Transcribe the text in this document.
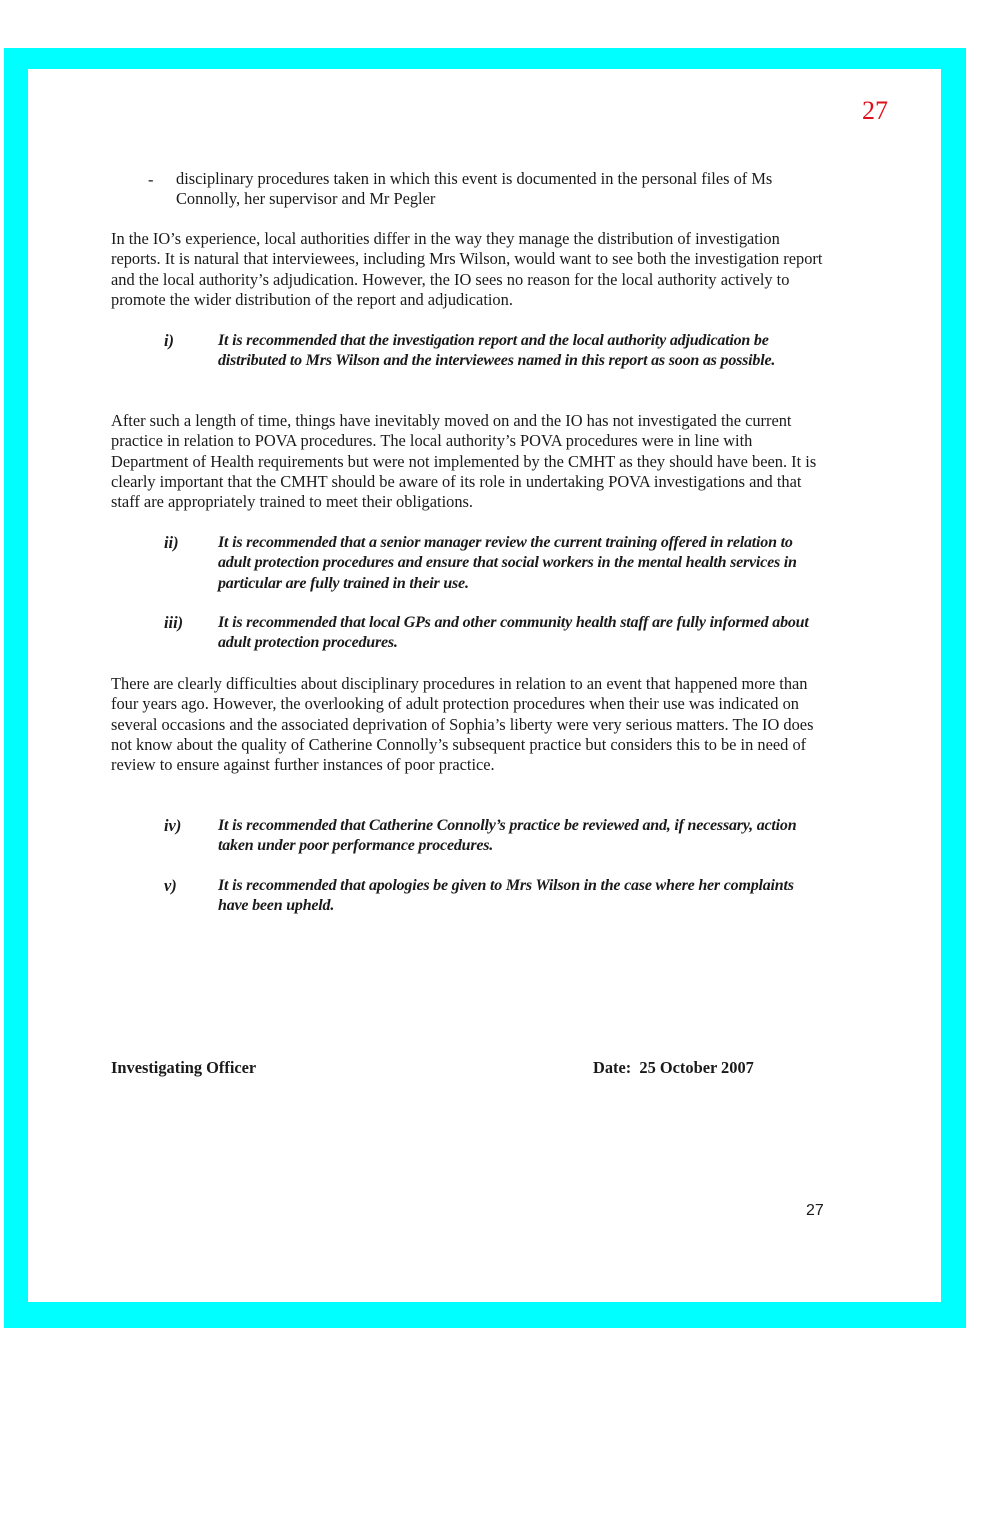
27
- disciplinary procedures taken in which this event is documented in the personal files of Ms Connolly, her supervisor and Mr Pegler
In the IO’s experience, local authorities differ in the way they manage the distribution of investigation reports. It is natural that interviewees, including Mrs Wilson, would want to see both the investigation report and the local authority’s adjudication. However, the IO sees no reason for the local authority actively to promote the wider distribution of the report and adjudication.
i)	It is recommended that the investigation report and the local authority adjudication be distributed to Mrs Wilson and the interviewees named in this report as soon as possible.
After such a length of time, things have inevitably moved on and the IO has not investigated the current practice in relation to POVA procedures. The local authority’s POVA procedures were in line with Department of Health requirements but were not implemented by the CMHT as they should have been. It is clearly important that the CMHT should be aware of its role in undertaking POVA investigations and that staff are appropriately trained to meet their obligations.
ii) It is recommended that a senior manager review the current training offered in relation to adult protection procedures and ensure that social workers in the mental health services in particular are fully trained in their use.
iii) It is recommended that local GPs and other community health staff are fully informed about adult protection procedures.
There are clearly difficulties about disciplinary procedures in relation to an event that happened more than four years ago. However, the overlooking of adult protection procedures when their use was indicated on several occasions and the associated deprivation of Sophia’s liberty were very serious matters. The IO does not know about the quality of Catherine Connolly’s subsequent practice but considers this to be in need of review to ensure against further instances of poor practice.
iv) It is recommended that Catherine Connolly’s practice be reviewed and, if necessary, action taken under poor performance procedures.
v)	It is recommended that apologies be given to Mrs Wilson in the case where her complaints have been upheld.
Investigating Officer	Date:  25 October 2007
27
